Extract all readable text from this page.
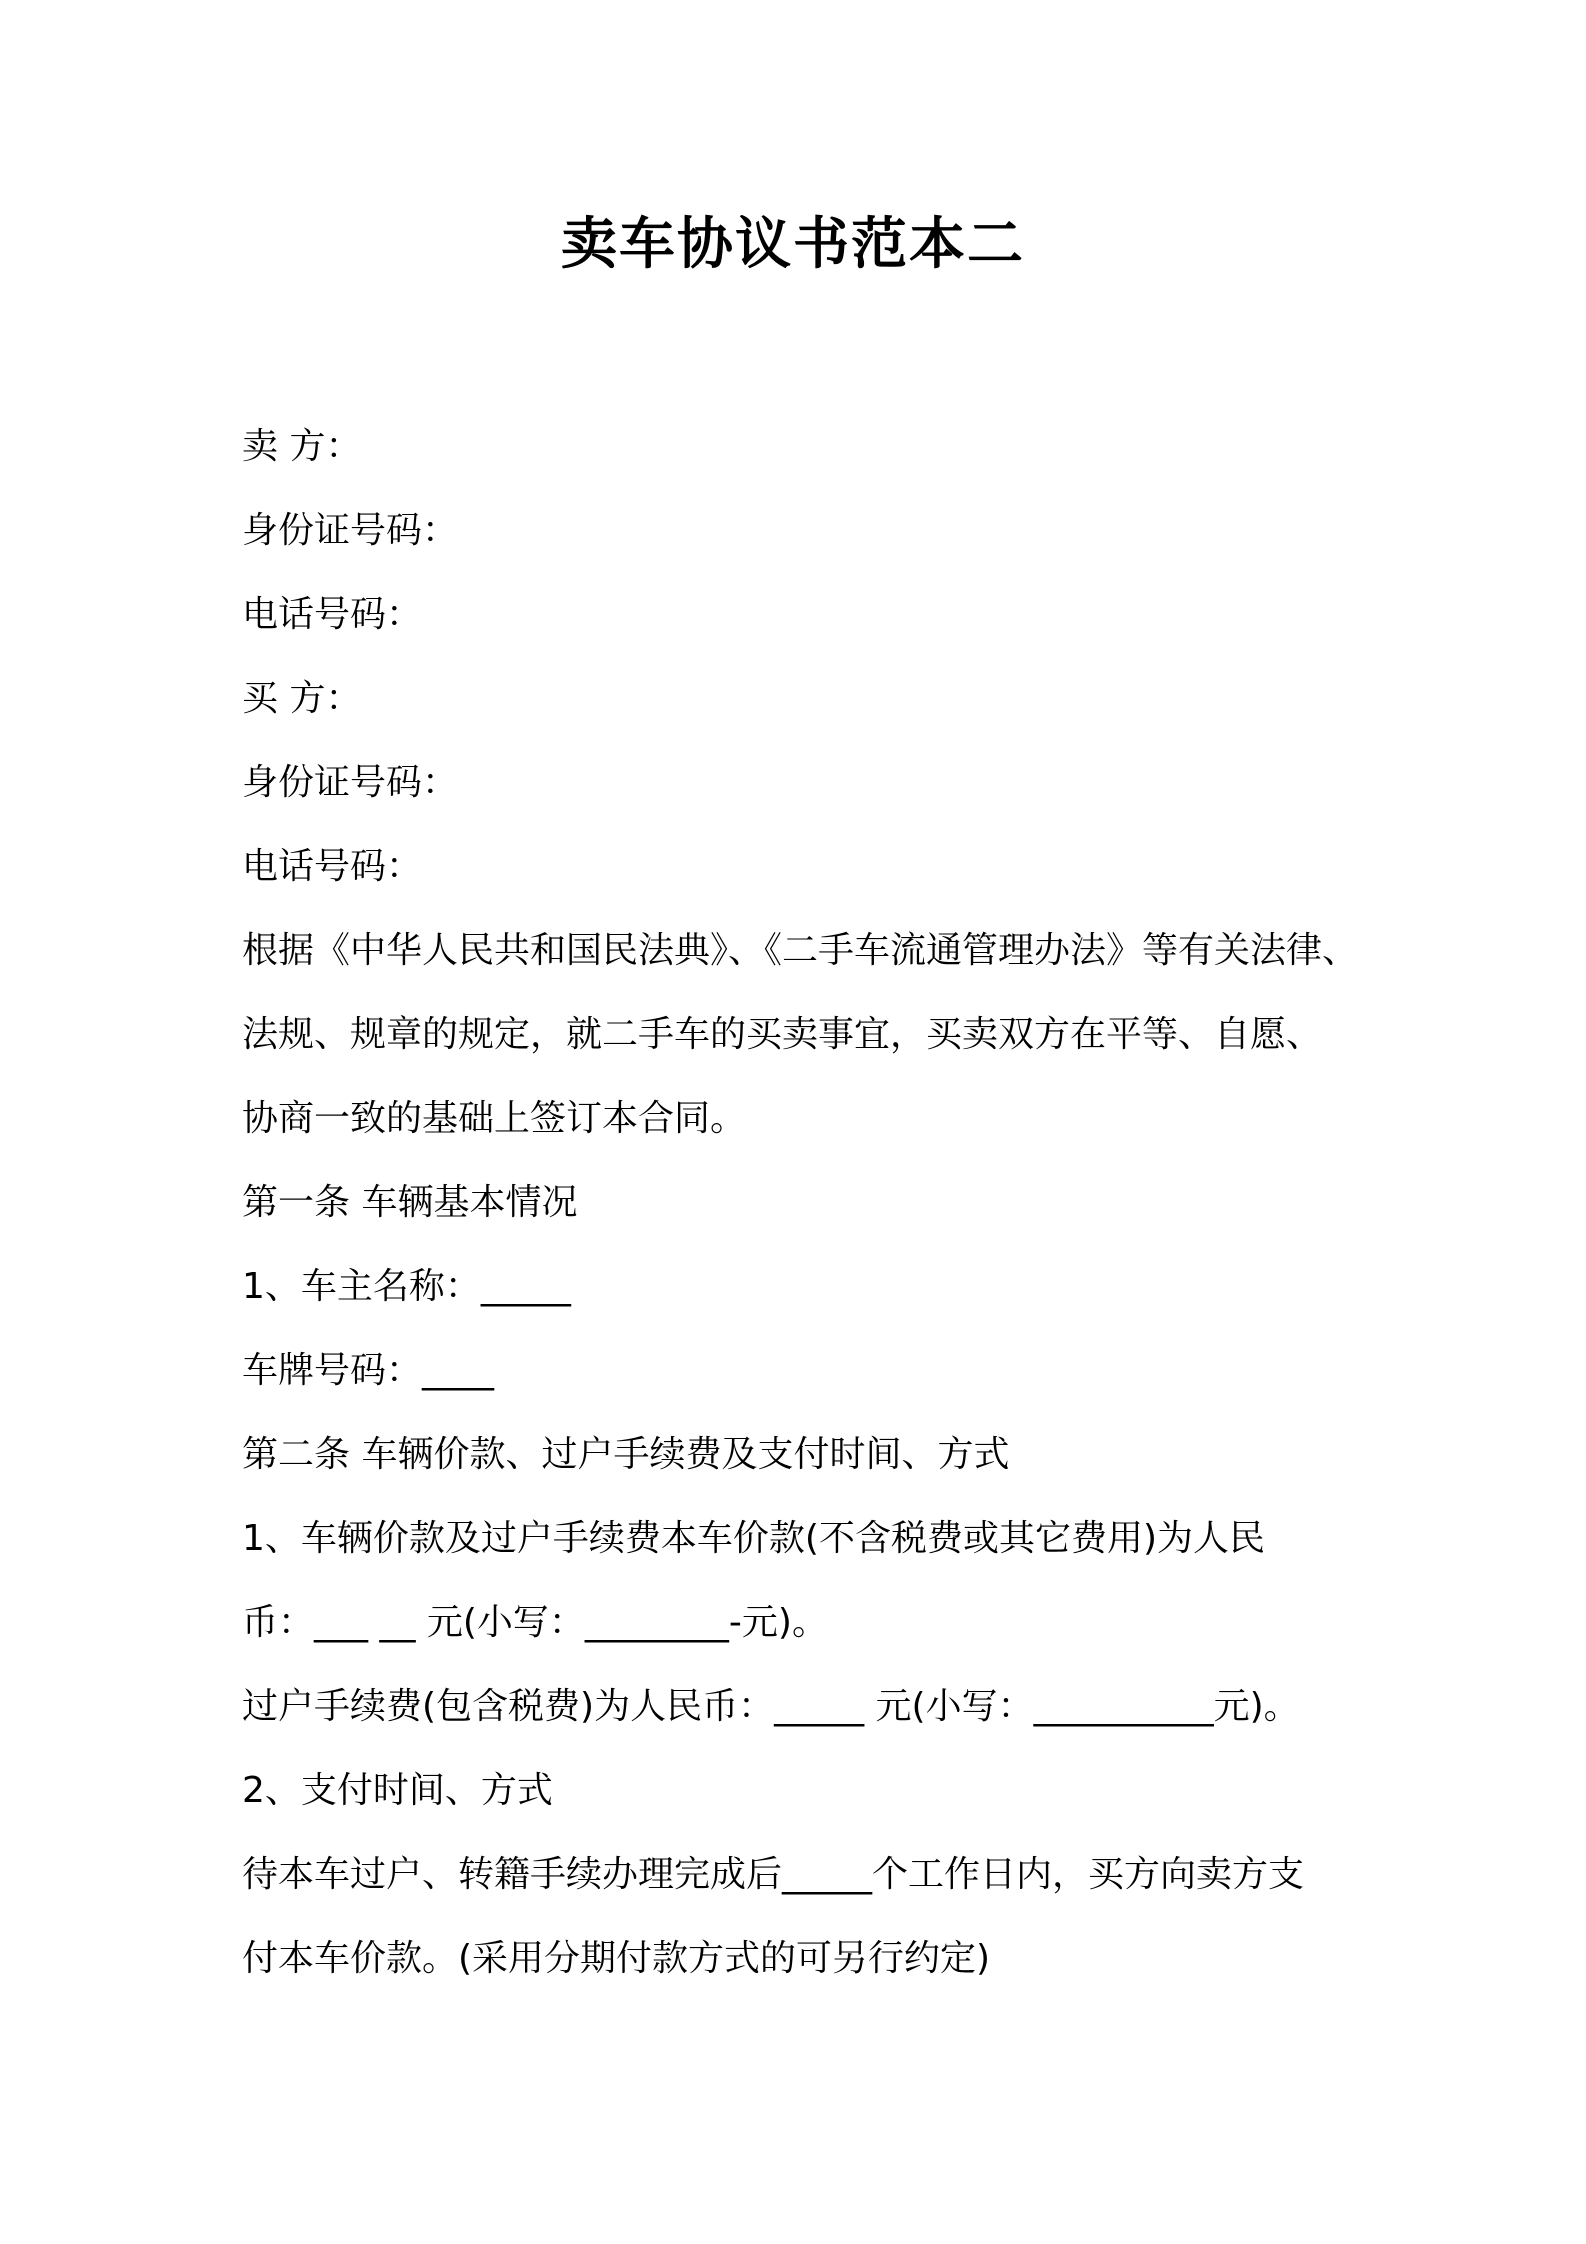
卖车协议书范本二
卖 方：
身份证号码：
电话号码：
买 方：
身份证号码：
电话号码：
根据《中华人民共和国民法典》、《二手车流通管理办法》等有关法律、
法规、规章的规定，就二手车的买卖事宜，买卖双方在平等、自愿、
协商一致的基础上签订本合同。
第一条 车辆基本情况
1、车主名称：_____
车牌号码：____
第二条 车辆价款、过户手续费及支付时间、方式
1、车辆价款及过户手续费本车价款(不含税费或其它费用)为人民
币：___ __ 元(小写：________-元)。
过户手续费(包含税费)为人民币：_____ 元(小写：__________元)。
2、支付时间、方式
待本车过户、转籍手续办理完成后_____个工作日内，买方向卖方支
付本车价款。(采用分期付款方式的可另行约定)
